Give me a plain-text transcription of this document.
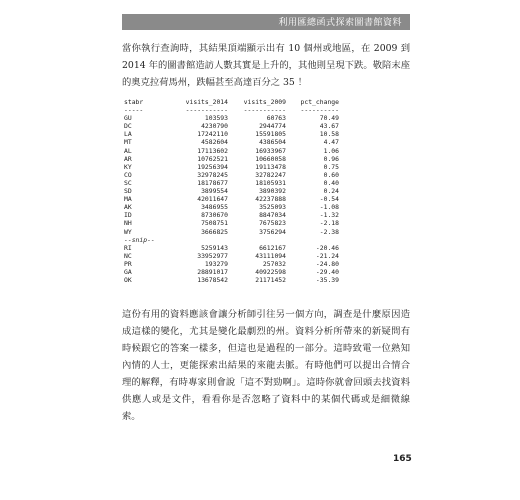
利用匯總函式探索圖書館資料

當你執行查詢時，其結果頂端顯示出有 10 個州或地區，在 2009 到 2014 年的圖書館造訪人數其實是上升的，其他則呈現下跌。敬陪末座的奧克拉荷馬州，跌幅甚至高達百分之 35 ！

stabr	visits_2014	visits_2009	pct_change
-----	-----------	-----------	----------
GU	103593	60763	70.49
DC	4230790	2944774	43.67
LA	17242110	15591805	10.58
MT	4582604	4386504	4.47
AL	17113602	16933967	1.06
AR	10762521	10660058	0.96
KY	19256394	19113478	0.75
CO	32978245	32782247	0.60
SC	18178677	18105931	0.40
SD	3899554	3890392	0.24
MA	42011647	42237888	-0.54
AK	3486955	3525093	-1.08
ID	8730670	8847034	-1.32
NH	7508751	7675823	-2.18
WY	3666825	3756294	-2.38
--snip--
RI	5259143	6612167	-20.46
NC	33952977	43111094	-21.24
PR	193279	257032	-24.80
GA	28891017	40922598	-29.40
OK	13678542	21171452	-35.39

這份有用的資料應該會讓分析師引往另一個方向，調查是什麼原因造成這樣的變化，尤其是變化最劇烈的州。資料分析所帶來的新疑問有時候跟它的答案一樣多，但這也是過程的一部分。這時致電一位熟知內情的人士，更能探索出結果的來龍去脈。有時他們可以提出合情合理的解釋，有時專家則會說「這不對勁啊」。這時你就會回頭去找資料供應人或是文件，看看你是否忽略了資料中的某個代碼或是細微線索。

165
